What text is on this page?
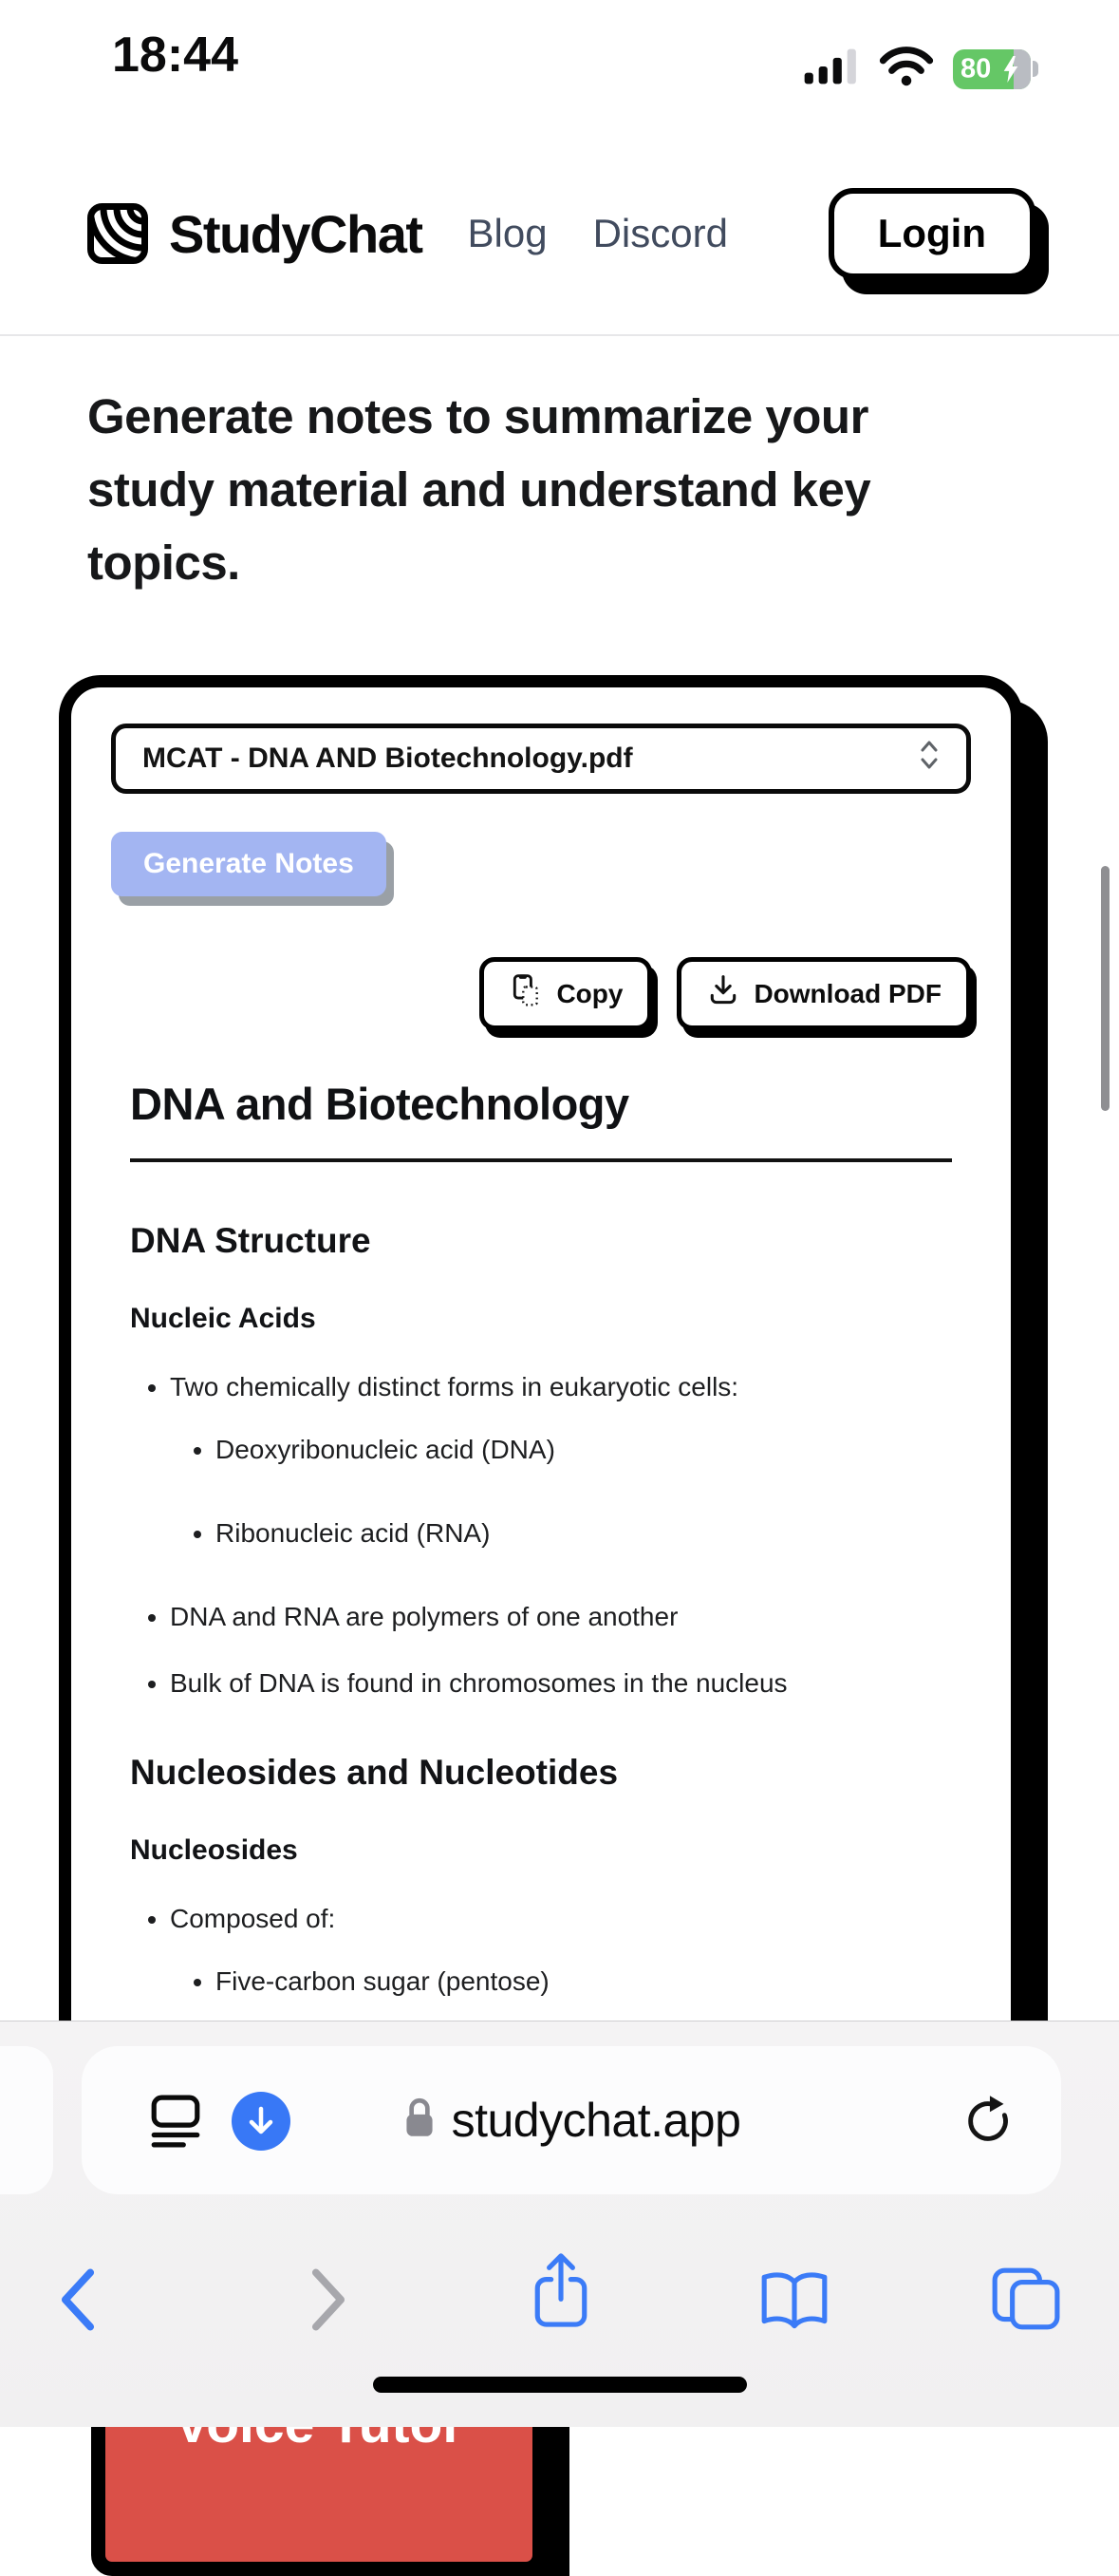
18:44	80
StudyChat Blog Discord	Login
Generate notes to summarize your study material and understand key topics.
MCAT - DNA AND Biotechnology.pdf
Generate Notes
Copy	Download PDF
DNA and Biotechnology
DNA Structure
Nucleic Acids
• Two chemically distinct forms in eukaryotic cells:
• Deoxyribonucleic acid (DNA)
• Ribonucleic acid (RNA)
• DNA and RNA are polymers of one another
• Bulk of DNA is found in chromosomes in the nucleus
Nucleosides and Nucleotides
Nucleosides
• Composed of:
• Five-carbon sugar (pentose)
•
•
•
studychat.app
